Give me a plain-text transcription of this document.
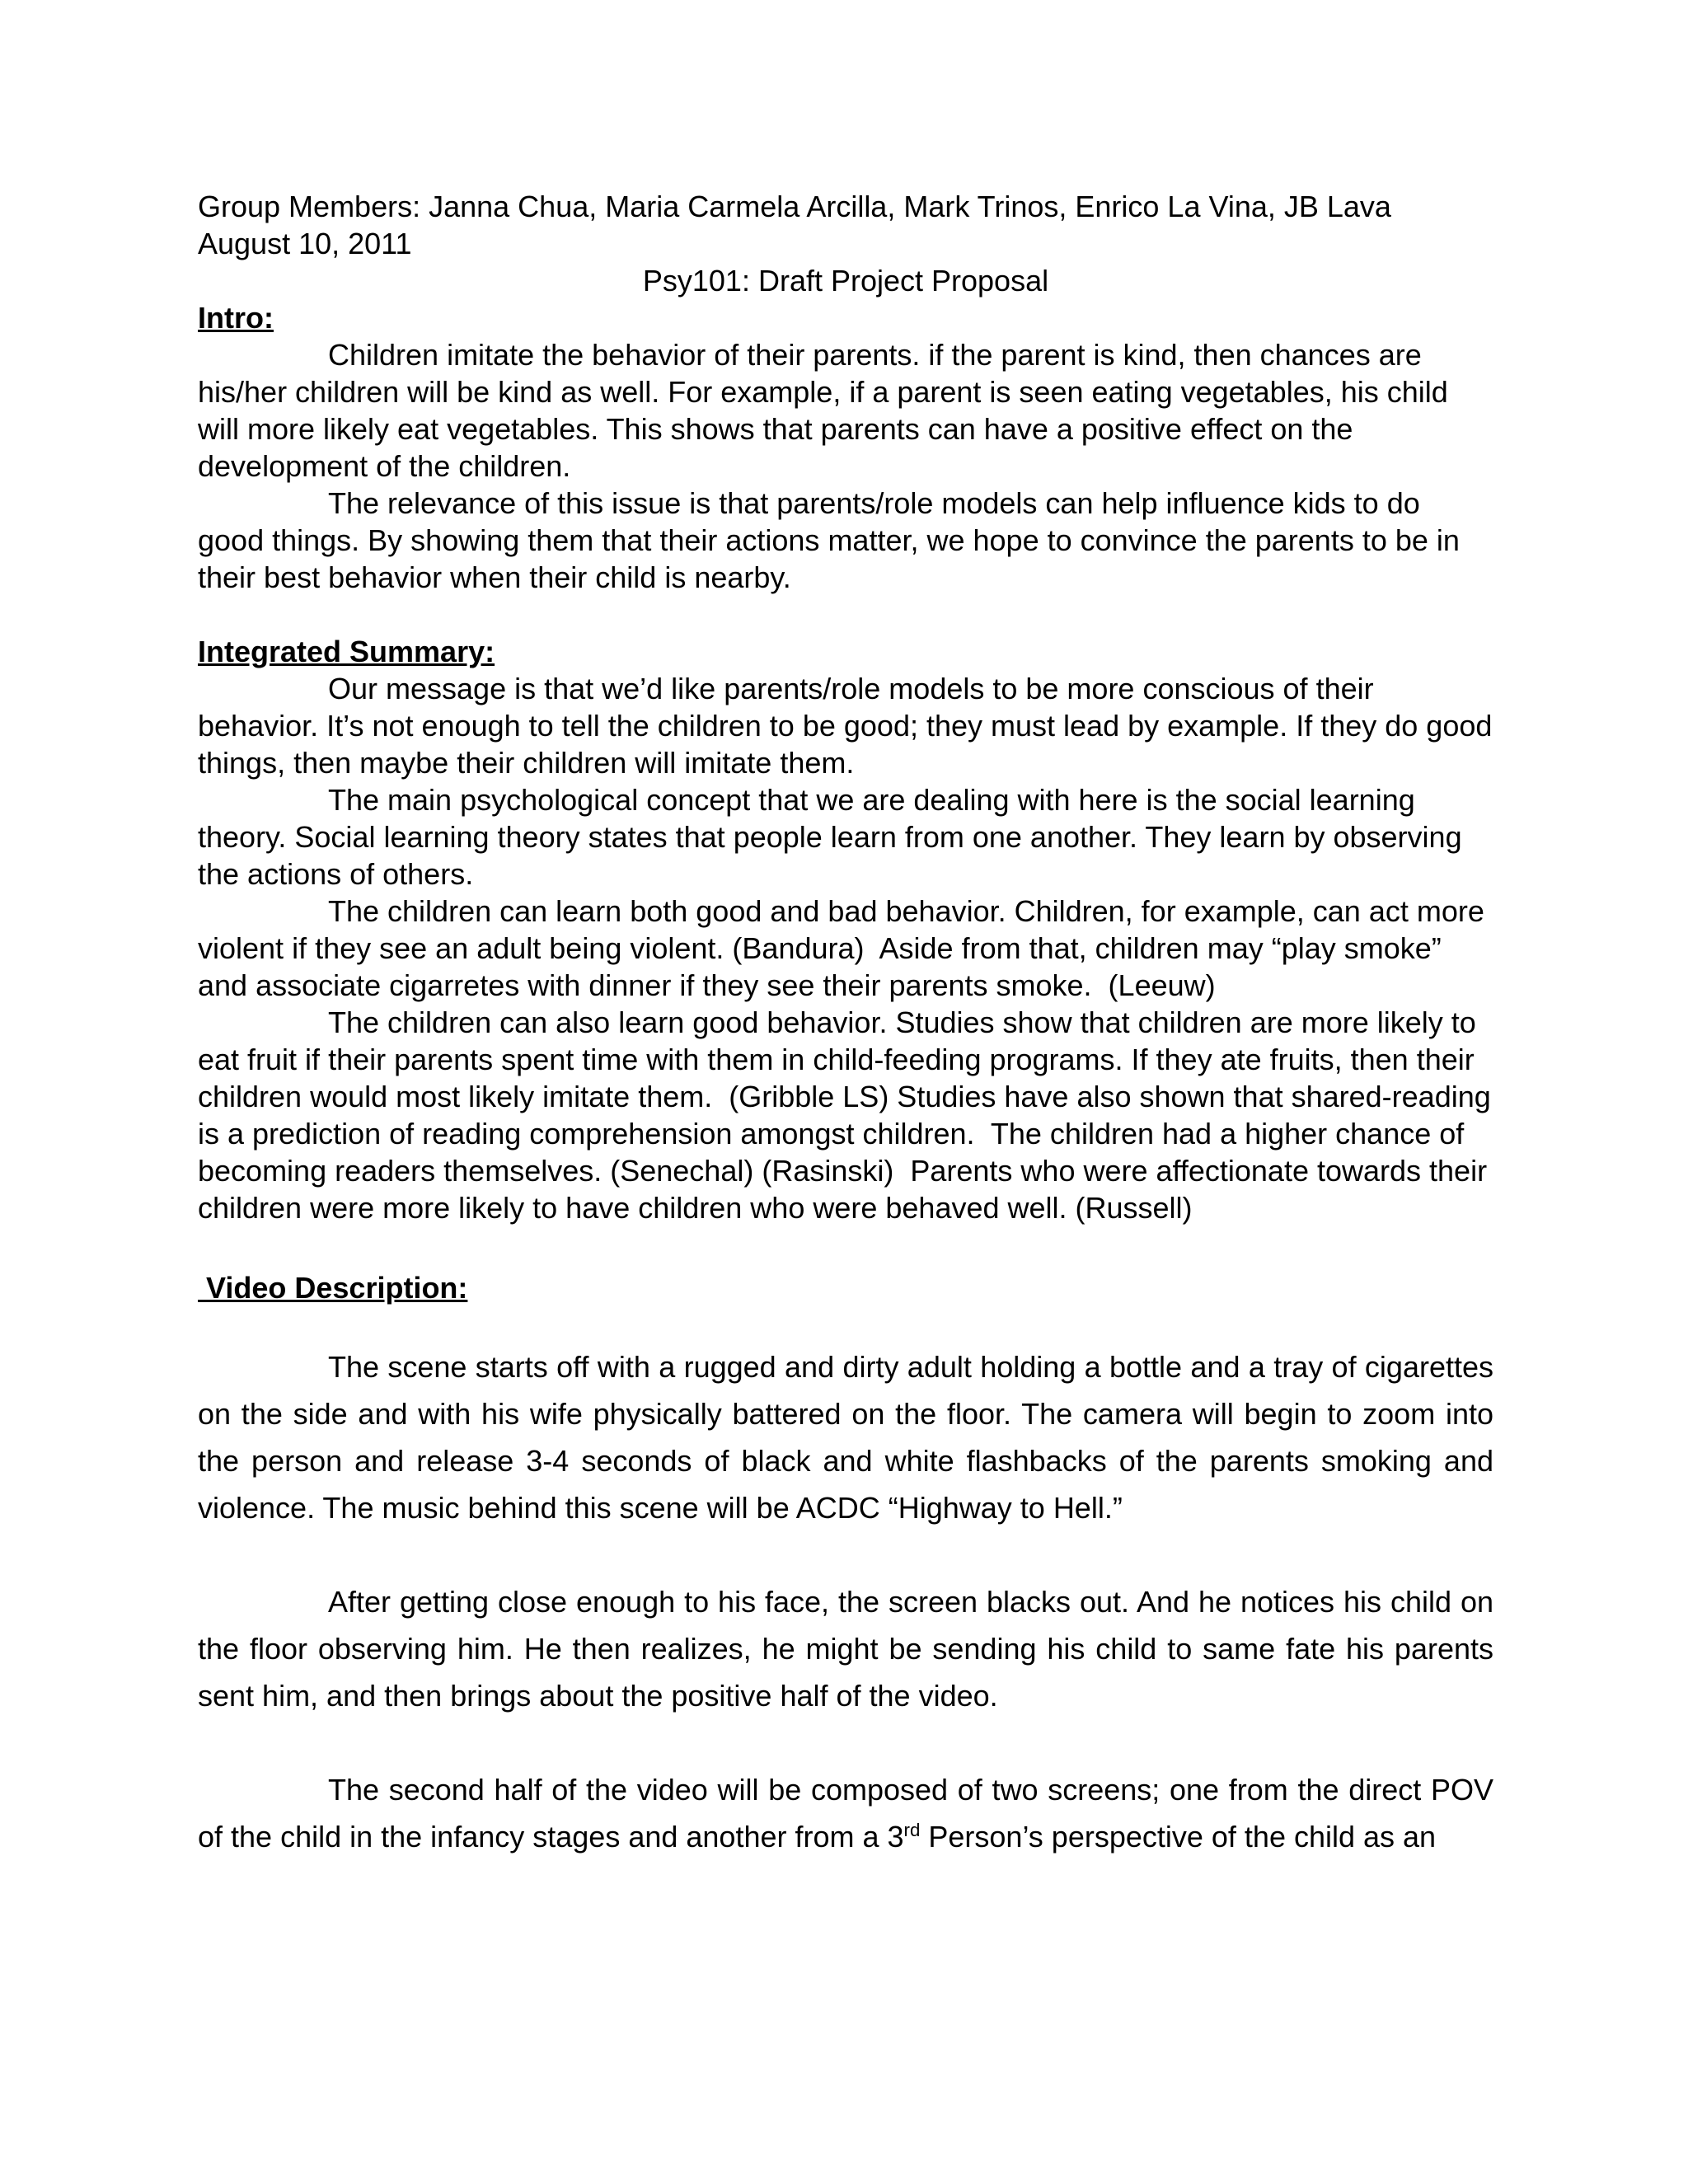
Group Members: Janna Chua, Maria Carmela Arcilla, Mark Trinos, Enrico La Vina, JB Lava

August 10, 2011

Psy101: Draft Project Proposal

Intro:

Children imitate the behavior of their parents. if the parent is kind, then chances are his/her children will be kind as well. For example, if a parent is seen eating vegetables, his child will more likely eat vegetables. This shows that parents can have a positive effect on the development of the children.

The relevance of this issue is that parents/role models can help influence kids to do good things. By showing them that their actions matter, we hope to convince the parents to be in their best behavior when their child is nearby.

Integrated Summary:

Our message is that we’d like parents/role models to be more conscious of their behavior. It’s not enough to tell the children to be good; they must lead by example. If they do good things, then maybe their children will imitate them.

The main psychological concept that we are dealing with here is the social learning theory. Social learning theory states that people learn from one another. They learn by observing the actions of others.

The children can learn both good and bad behavior. Children, for example, can act more violent if they see an adult being violent. (Bandura)  Aside from that, children may “play smoke” and associate cigarretes with dinner if they see their parents smoke.  (Leeuw)

The children can also learn good behavior. Studies show that children are more likely to eat fruit if their parents spent time with them in child-feeding programs. If they ate fruits, then their children would most likely imitate them.  (Gribble LS) Studies have also shown that shared-reading is a prediction of reading comprehension amongst children.  The children had a higher chance of  becoming readers themselves. (Senechal) (Rasinski)  Parents who were affectionate towards their children were more likely to have children who were behaved well. (Russell)

Video Description:

The scene starts off with a rugged and dirty adult holding a bottle and a tray of cigarettes on the side and with his wife physically battered on the floor. The camera will begin to zoom into the person and release 3-4 seconds of black and white flashbacks of the parents smoking and violence. The music behind this scene will be ACDC “Highway to Hell.”

After getting close enough to his face, the screen blacks out. And he notices his child on the floor observing him. He then realizes, he might be sending his child to same fate his parents sent him, and then brings about the positive half of the video.

The second half of the video will be composed of two screens; one from the direct POV of the child in the infancy stages and another from a 3rd Person’s perspective of the child as an
